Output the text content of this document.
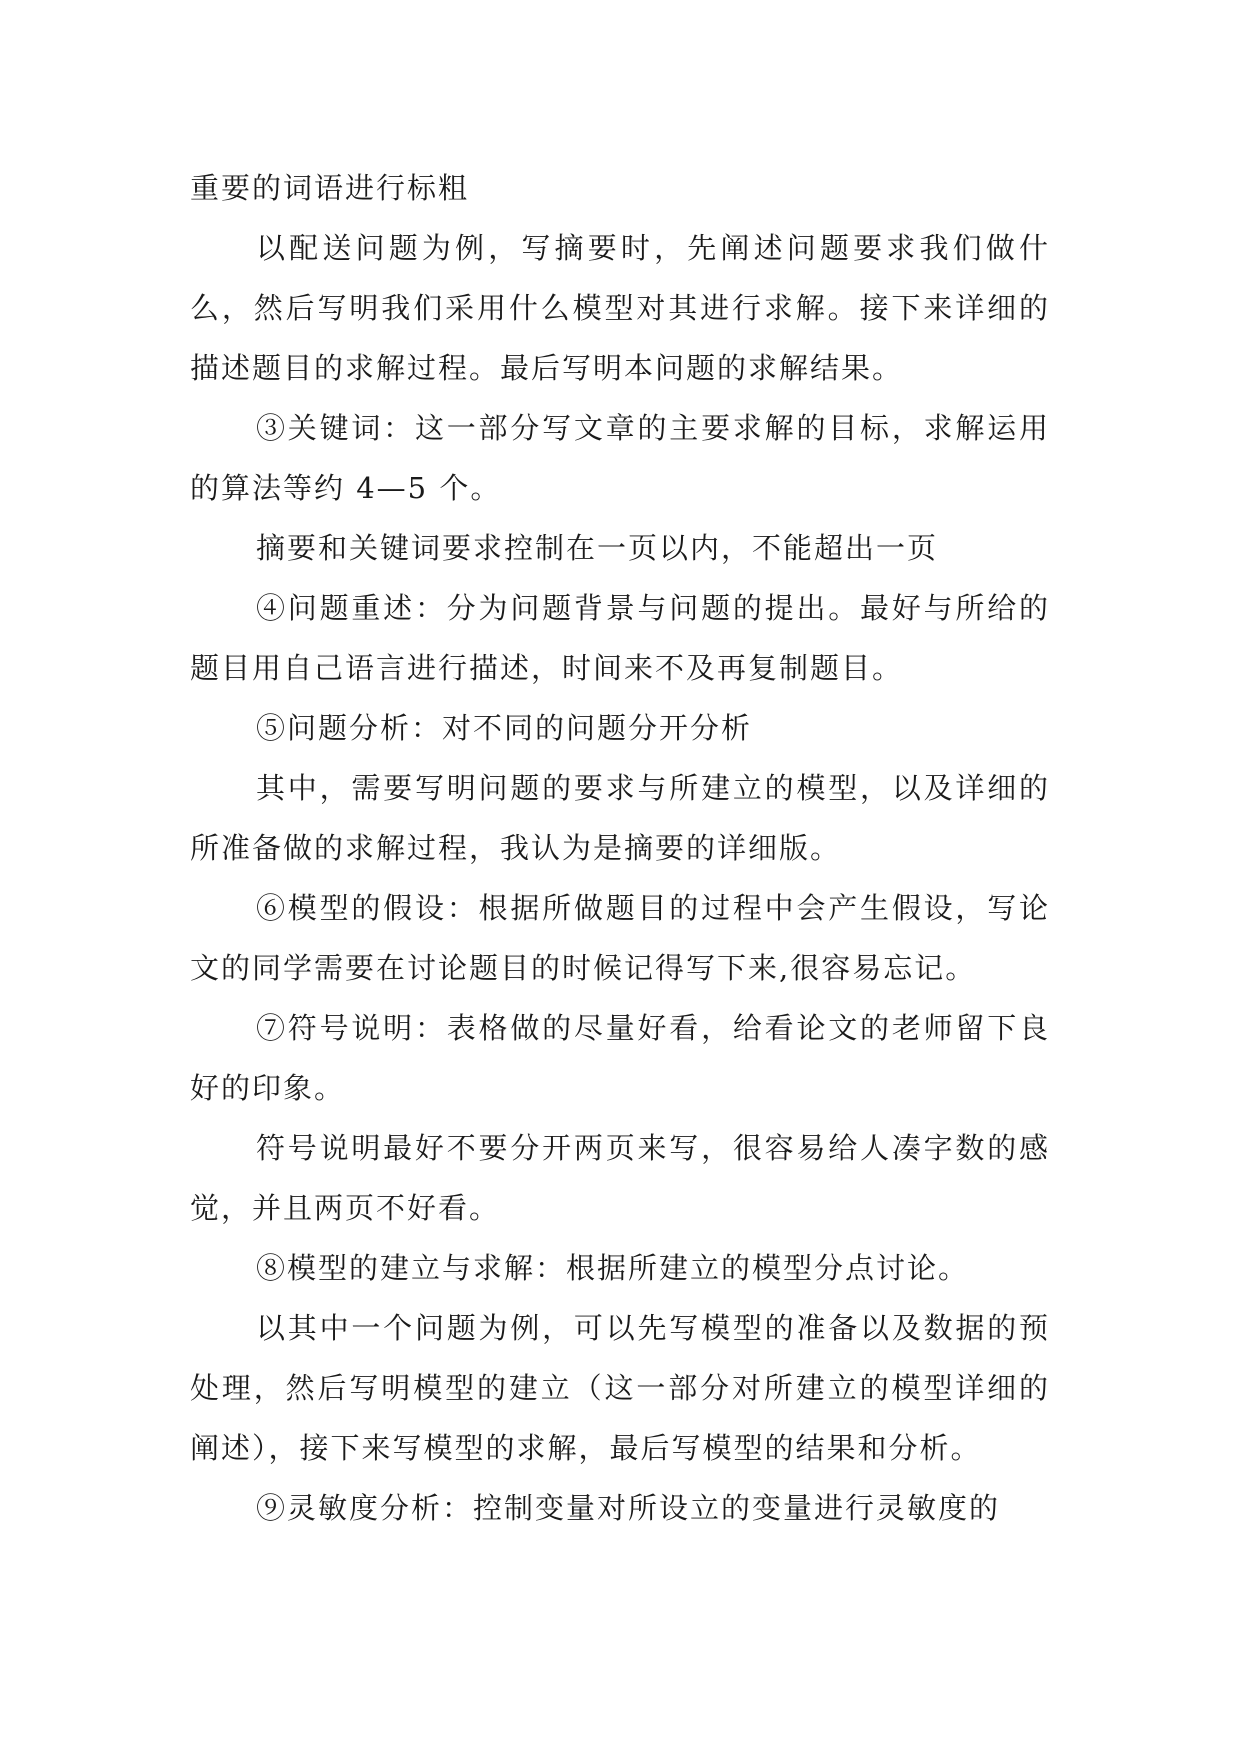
重要的词语进行标粗

以配送问题为例，写摘要时，先阐述问题要求我们做什么，然后写明我们采用什么模型对其进行求解。接下来详细的描述题目的求解过程。最后写明本问题的求解结果。

③关键词：这一部分写文章的主要求解的目标，求解运用的算法等约 4—5 个。

摘要和关键词要求控制在一页以内，不能超出一页

④问题重述：分为问题背景与问题的提出。最好与所给的题目用自己语言进行描述，时间来不及再复制题目。

⑤问题分析：对不同的问题分开分析

其中，需要写明问题的要求与所建立的模型，以及详细的所准备做的求解过程，我认为是摘要的详细版。

⑥模型的假设：根据所做题目的过程中会产生假设，写论文的同学需要在讨论题目的时候记得写下来,很容易忘记。

⑦符号说明：表格做的尽量好看，给看论文的老师留下良好的印象。

符号说明最好不要分开两页来写，很容易给人凑字数的感觉，并且两页不好看。

⑧模型的建立与求解：根据所建立的模型分点讨论。

以其中一个问题为例，可以先写模型的准备以及数据的预处理，然后写明模型的建立（这一部分对所建立的模型详细的阐述），接下来写模型的求解，最后写模型的结果和分析。

⑨灵敏度分析：控制变量对所设立的变量进行灵敏度的
